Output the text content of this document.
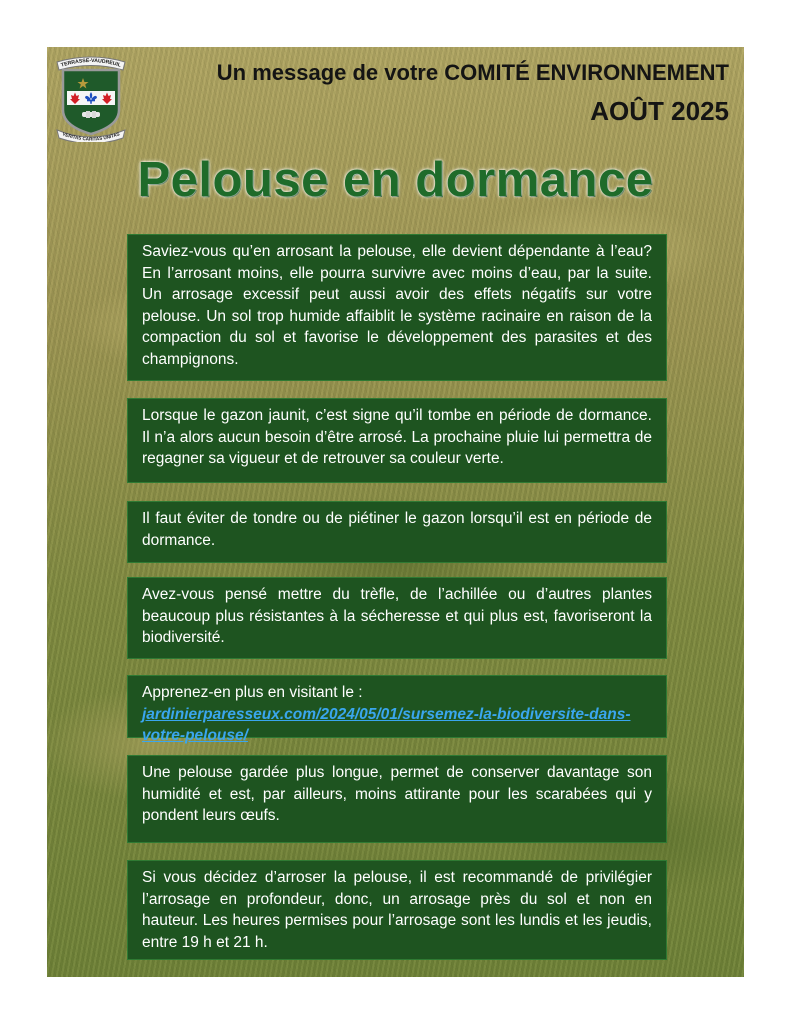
TERRASSE-VAUDREUIL
VERITAS CARITAS UNITAS
Un message de votre COMITÉ ENVIRONNEMENT
AOÛT 2025
Pelouse en dormance
Saviez-vous qu’en arrosant la pelouse, elle devient dépendante à l’eau? En l’arrosant moins, elle pourra survivre avec moins d’eau, par la suite. Un arrosage excessif peut aussi avoir des effets négatifs sur votre pelouse. Un sol trop humide affaiblit le système racinaire en raison de la compaction du sol et favorise le développement des parasites et des champignons.
Lorsque le gazon jaunit, c’est signe qu’il tombe en période de dormance. Il n’a alors aucun besoin d’être arrosé. La prochaine pluie lui permettra de regagner sa vigueur et de retrouver sa couleur verte.
Il faut éviter de tondre ou de piétiner le gazon lorsqu’il est en période de dormance.
Avez-vous pensé mettre du trèfle, de l’achillée ou d’autres plantes beaucoup plus résistantes à la sécheresse et qui plus est, favoriseront la biodiversité.
Apprenez-en plus en visitant le : jardinierparesseux.com/2024/05/01/sursemez-la-biodiversite-dans-votre-pelouse/
Une pelouse gardée plus longue, permet de conserver davantage son humidité et est, par ailleurs, moins attirante pour les scarabées qui y pondent leurs œufs.
Si vous décidez d’arroser la pelouse, il est recommandé de privilégier l’arrosage en profondeur, donc, un arrosage près du sol et non en hauteur. Les heures permises pour l’arrosage sont les lundis et les jeudis, entre 19 h et 21 h.
